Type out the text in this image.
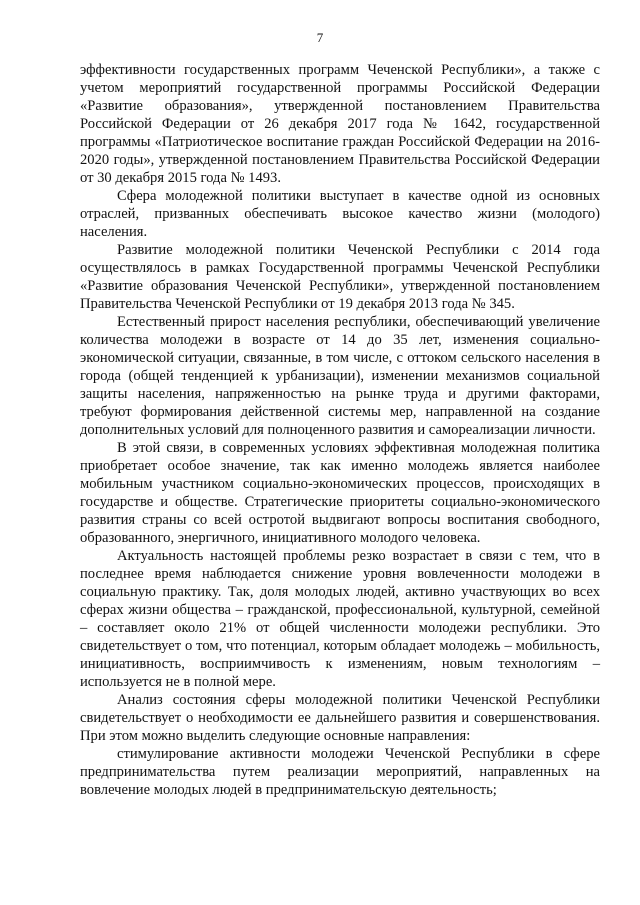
7

эффективности государственных программ Чеченской Республики», а также с учетом мероприятий государственной программы Российской Федерации «Развитие образования», утвержденной постановлением Правительства Российской Федерации от 26 декабря 2017 года № 1642, государственной программы «Патриотическое воспитание граждан Российской Федерации на 2016-2020 годы», утвержденной постановлением Правительства Российской Федерации от 30 декабря 2015 года № 1493.

Сфера молодежной политики выступает в качестве одной из основных отраслей, призванных обеспечивать высокое качество жизни (молодого) населения.

Развитие молодежной политики Чеченской Республики с 2014 года осуществлялось в рамках Государственной программы Чеченской Республики «Развитие образования Чеченской Республики», утвержденной постановлением Правительства Чеченской Республики от 19 декабря 2013 года № 345.

Естественный прирост населения республики, обеспечивающий увеличение количества молодежи в возрасте от 14 до 35 лет, изменения социально-экономической ситуации, связанные, в том числе, с оттоком сельского населения в города (общей тенденцией к урбанизации), изменении механизмов социальной защиты населения, напряженностью на рынке труда и другими факторами, требуют формирования действенной системы мер, направленной на создание дополнительных условий для полноценного развития и самореализации личности.

В этой связи, в современных условиях эффективная молодежная политика приобретает особое значение, так как именно молодежь является наиболее мобильным участником социально-экономических процессов, происходящих в государстве и обществе. Стратегические приоритеты социально-экономического развития страны со всей остротой выдвигают вопросы воспитания свободного, образованного, энергичного, инициативного молодого человека.

Актуальность настоящей проблемы резко возрастает в связи с тем, что в последнее время наблюдается снижение уровня вовлеченности молодежи в социальную практику. Так, доля молодых людей, активно участвующих во всех сферах жизни общества – гражданской, профессиональной, культурной, семейной – составляет около 21% от общей численности молодежи республики. Это свидетельствует о том, что потенциал, которым обладает молодежь – мобильность, инициативность, восприимчивость к изменениям, новым технологиям – используется не в полной мере.

Анализ состояния сферы молодежной политики Чеченской Республики свидетельствует о необходимости ее дальнейшего развития и совершенствования. При этом можно выделить следующие основные направления:

стимулирование активности молодежи Чеченской Республики в сфере предпринимательства путем реализации мероприятий, направленных на вовлечение молодых людей в предпринимательскую деятельность;
